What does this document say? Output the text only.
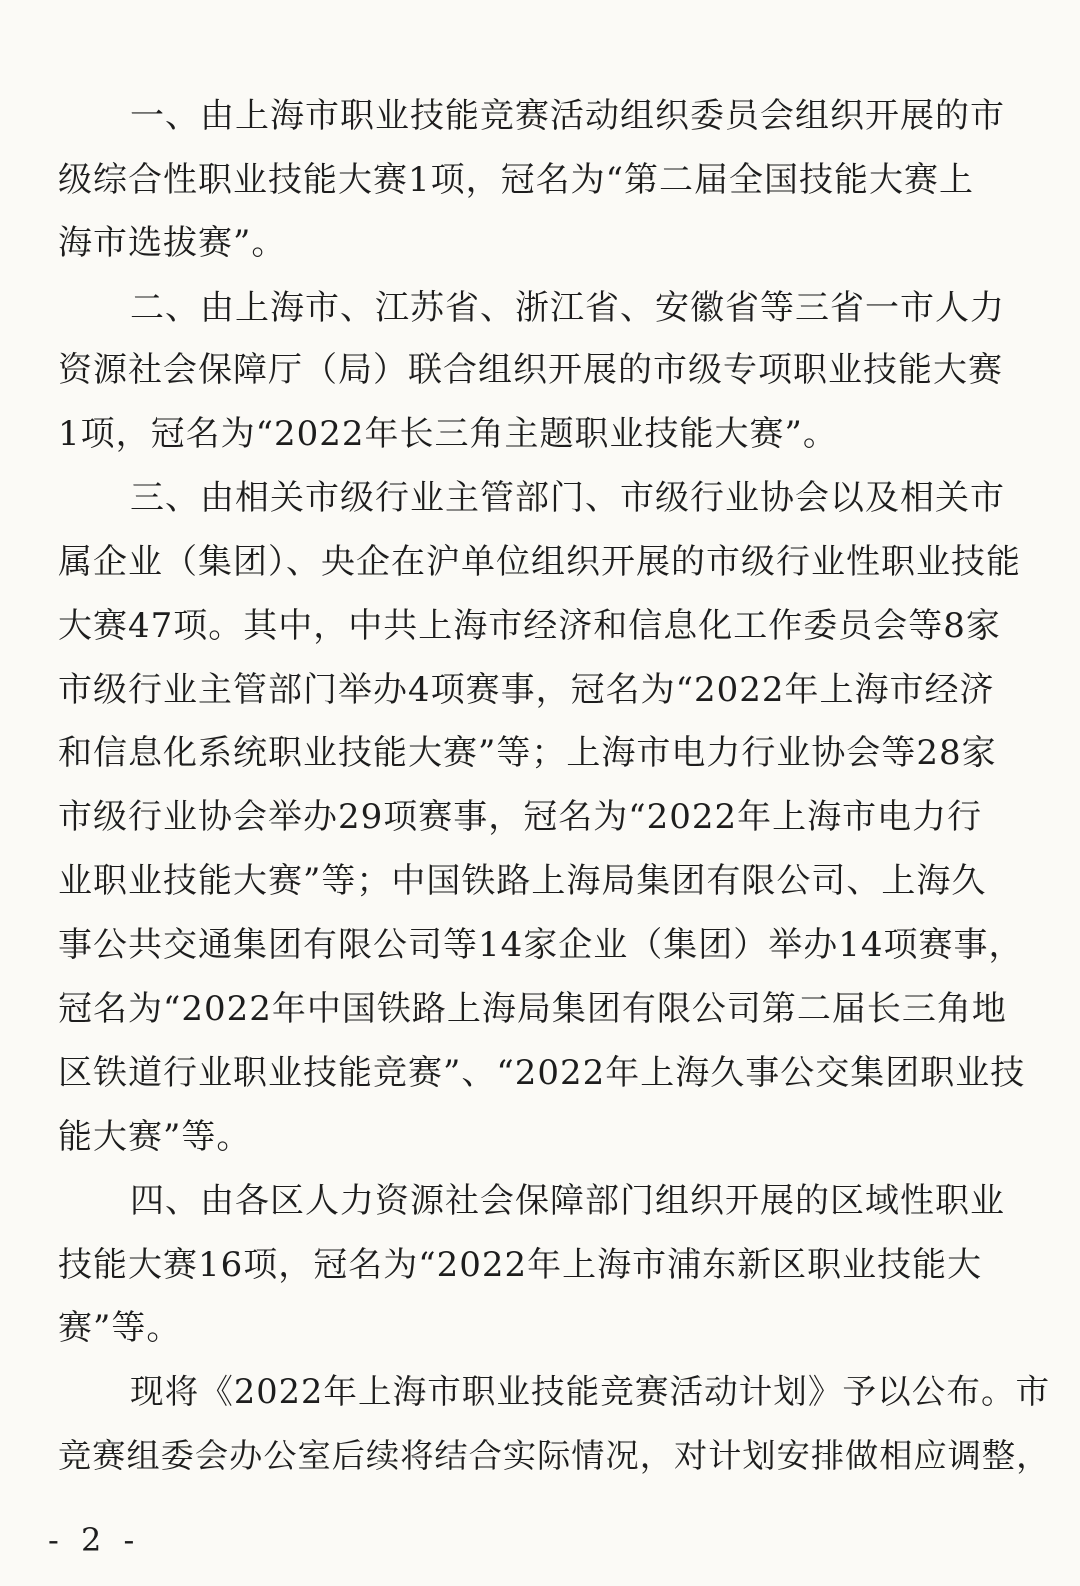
一、由上海市职业技能竞赛活动组织委员会组织开展的市
级综合性职业技能大赛1项，冠名为“第二届全国技能大赛上
海市选拔赛”。
二、由上海市、江苏省、浙江省、安徽省等三省一市人力
资源社会保障厅（局）联合组织开展的市级专项职业技能大赛
1项，冠名为“2022年长三角主题职业技能大赛”。
三、由相关市级行业主管部门、市级行业协会以及相关市
属企业（集团）、央企在沪单位组织开展的市级行业性职业技能
大赛47项。其中，中共上海市经济和信息化工作委员会等8家
市级行业主管部门举办4项赛事，冠名为“2022年上海市经济
和信息化系统职业技能大赛”等；上海市电力行业协会等28家
市级行业协会举办29项赛事，冠名为“2022年上海市电力行
业职业技能大赛”等；中国铁路上海局集团有限公司、上海久
事公共交通集团有限公司等14家企业（集团）举办14项赛事，
冠名为“2022年中国铁路上海局集团有限公司第二届长三角地
区铁道行业职业技能竞赛”、“2022年上海久事公交集团职业技
能大赛”等。
四、由各区人力资源社会保障部门组织开展的区域性职业
技能大赛16项，冠名为“2022年上海市浦东新区职业技能大
赛”等。
现将《2022年上海市职业技能竞赛活动计划》予以公布。市
竞赛组委会办公室后续将结合实际情况，对计划安排做相应调整，
- 2 -
